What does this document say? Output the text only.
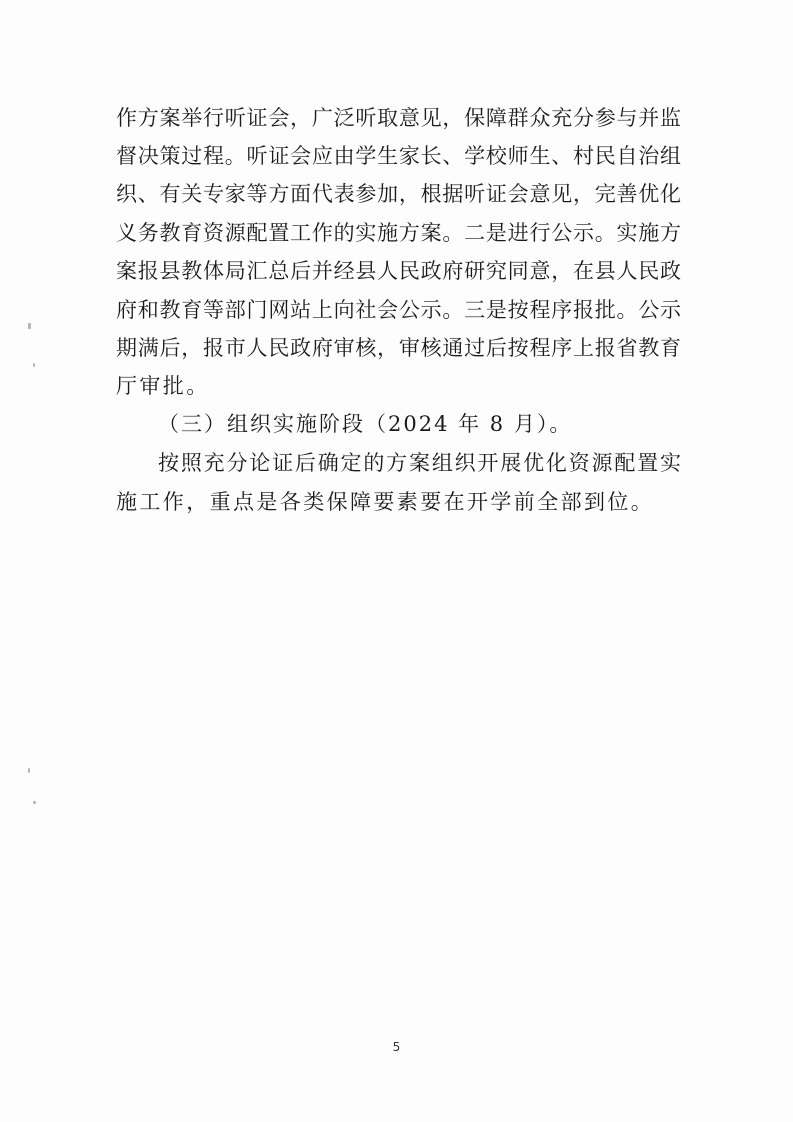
作方案举行听证会，广泛听取意见，保障群众充分参与并监
督决策过程。听证会应由学生家长、学校师生、村民自治组
织、有关专家等方面代表参加，根据听证会意见，完善优化
义务教育资源配置工作的实施方案。二是进行公示。实施方
案报县教体局汇总后并经县人民政府研究同意，在县人民政
府和教育等部门网站上向社会公示。三是按程序报批。公示
期满后，报市人民政府审核，审核通过后按程序上报省教育
厅审批。
（三）组织实施阶段（2024 年 8 月）。
按照充分论证后确定的方案组织开展优化资源配置实
施工作，重点是各类保障要素要在开学前全部到位。
5
